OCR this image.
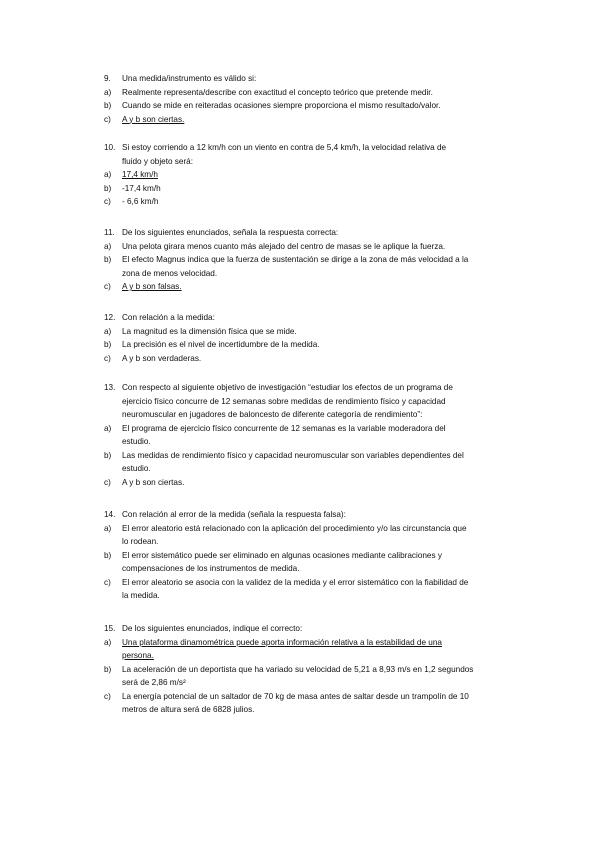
9. Una medida/instrumento es válido si:
a) Realmente representa/describe con exactitud el concepto teórico que pretende medir.
b) Cuando se mide en reiteradas ocasiones siempre proporciona el mismo resultado/valor.
c) A y b son ciertas.
10. Si estoy corriendo a 12 km/h con un viento en contra de 5,4 km/h, la velocidad relativa de
fluido y objeto será:
a) 17,4 km/h
b) -17,4 km/h
c) - 6,6 km/h
11. De los siguientes enunciados, señala la respuesta correcta:
a) Una pelota girara menos cuanto más alejado del centro de masas se le aplique la fuerza.
b) El efecto Magnus indica que la fuerza de sustentación se dirige a la zona de más velocidad a la
zona de menos velocidad.
c) A y b son falsas.
12. Con relación a la medida:
a) La magnitud es la dimensión física que se mide.
b) La precisión es el nivel de incertidumbre de la medida.
c) A y b son verdaderas.
13. Con respecto al siguiente objetivo de investigación “estudiar los efectos de un programa de
ejercicio físico concurre de 12 semanas sobre medidas de rendimiento físico y capacidad
neuromuscular en jugadores de baloncesto de diferente categoría de rendimiento”:
a) El programa de ejercicio físico concurrente de 12 semanas es la variable moderadora del
estudio.
b) Las medidas de rendimiento físico y capacidad neuromuscular son variables dependientes del
estudio.
c) A y b son ciertas.
14. Con relación al error de la medida (señala la respuesta falsa):
a) El error aleatorio está relacionado con la aplicación del procedimiento y/o las circunstancia que
lo rodean.
b) El error sistemático puede ser eliminado en algunas ocasiones mediante calibraciones y
compensaciones de los instrumentos de medida.
c) El error aleatorio se asocia con la validez de la medida y el error sistemático con la fiabilidad de
la medida.
15. De los siguientes enunciados, indique el correcto:
a) Una plataforma dinamométrica puede aporta información relativa a la estabilidad de una
persona.
b) La aceleración de un deportista que ha variado su velocidad de 5,21 a 8,93 m/s en 1,2 segundos
será de 2,86 m/s²
c) La energía potencial de un saltador de 70 kg de masa antes de saltar desde un trampolín de 10
metros de altura será de 6828 julios.
